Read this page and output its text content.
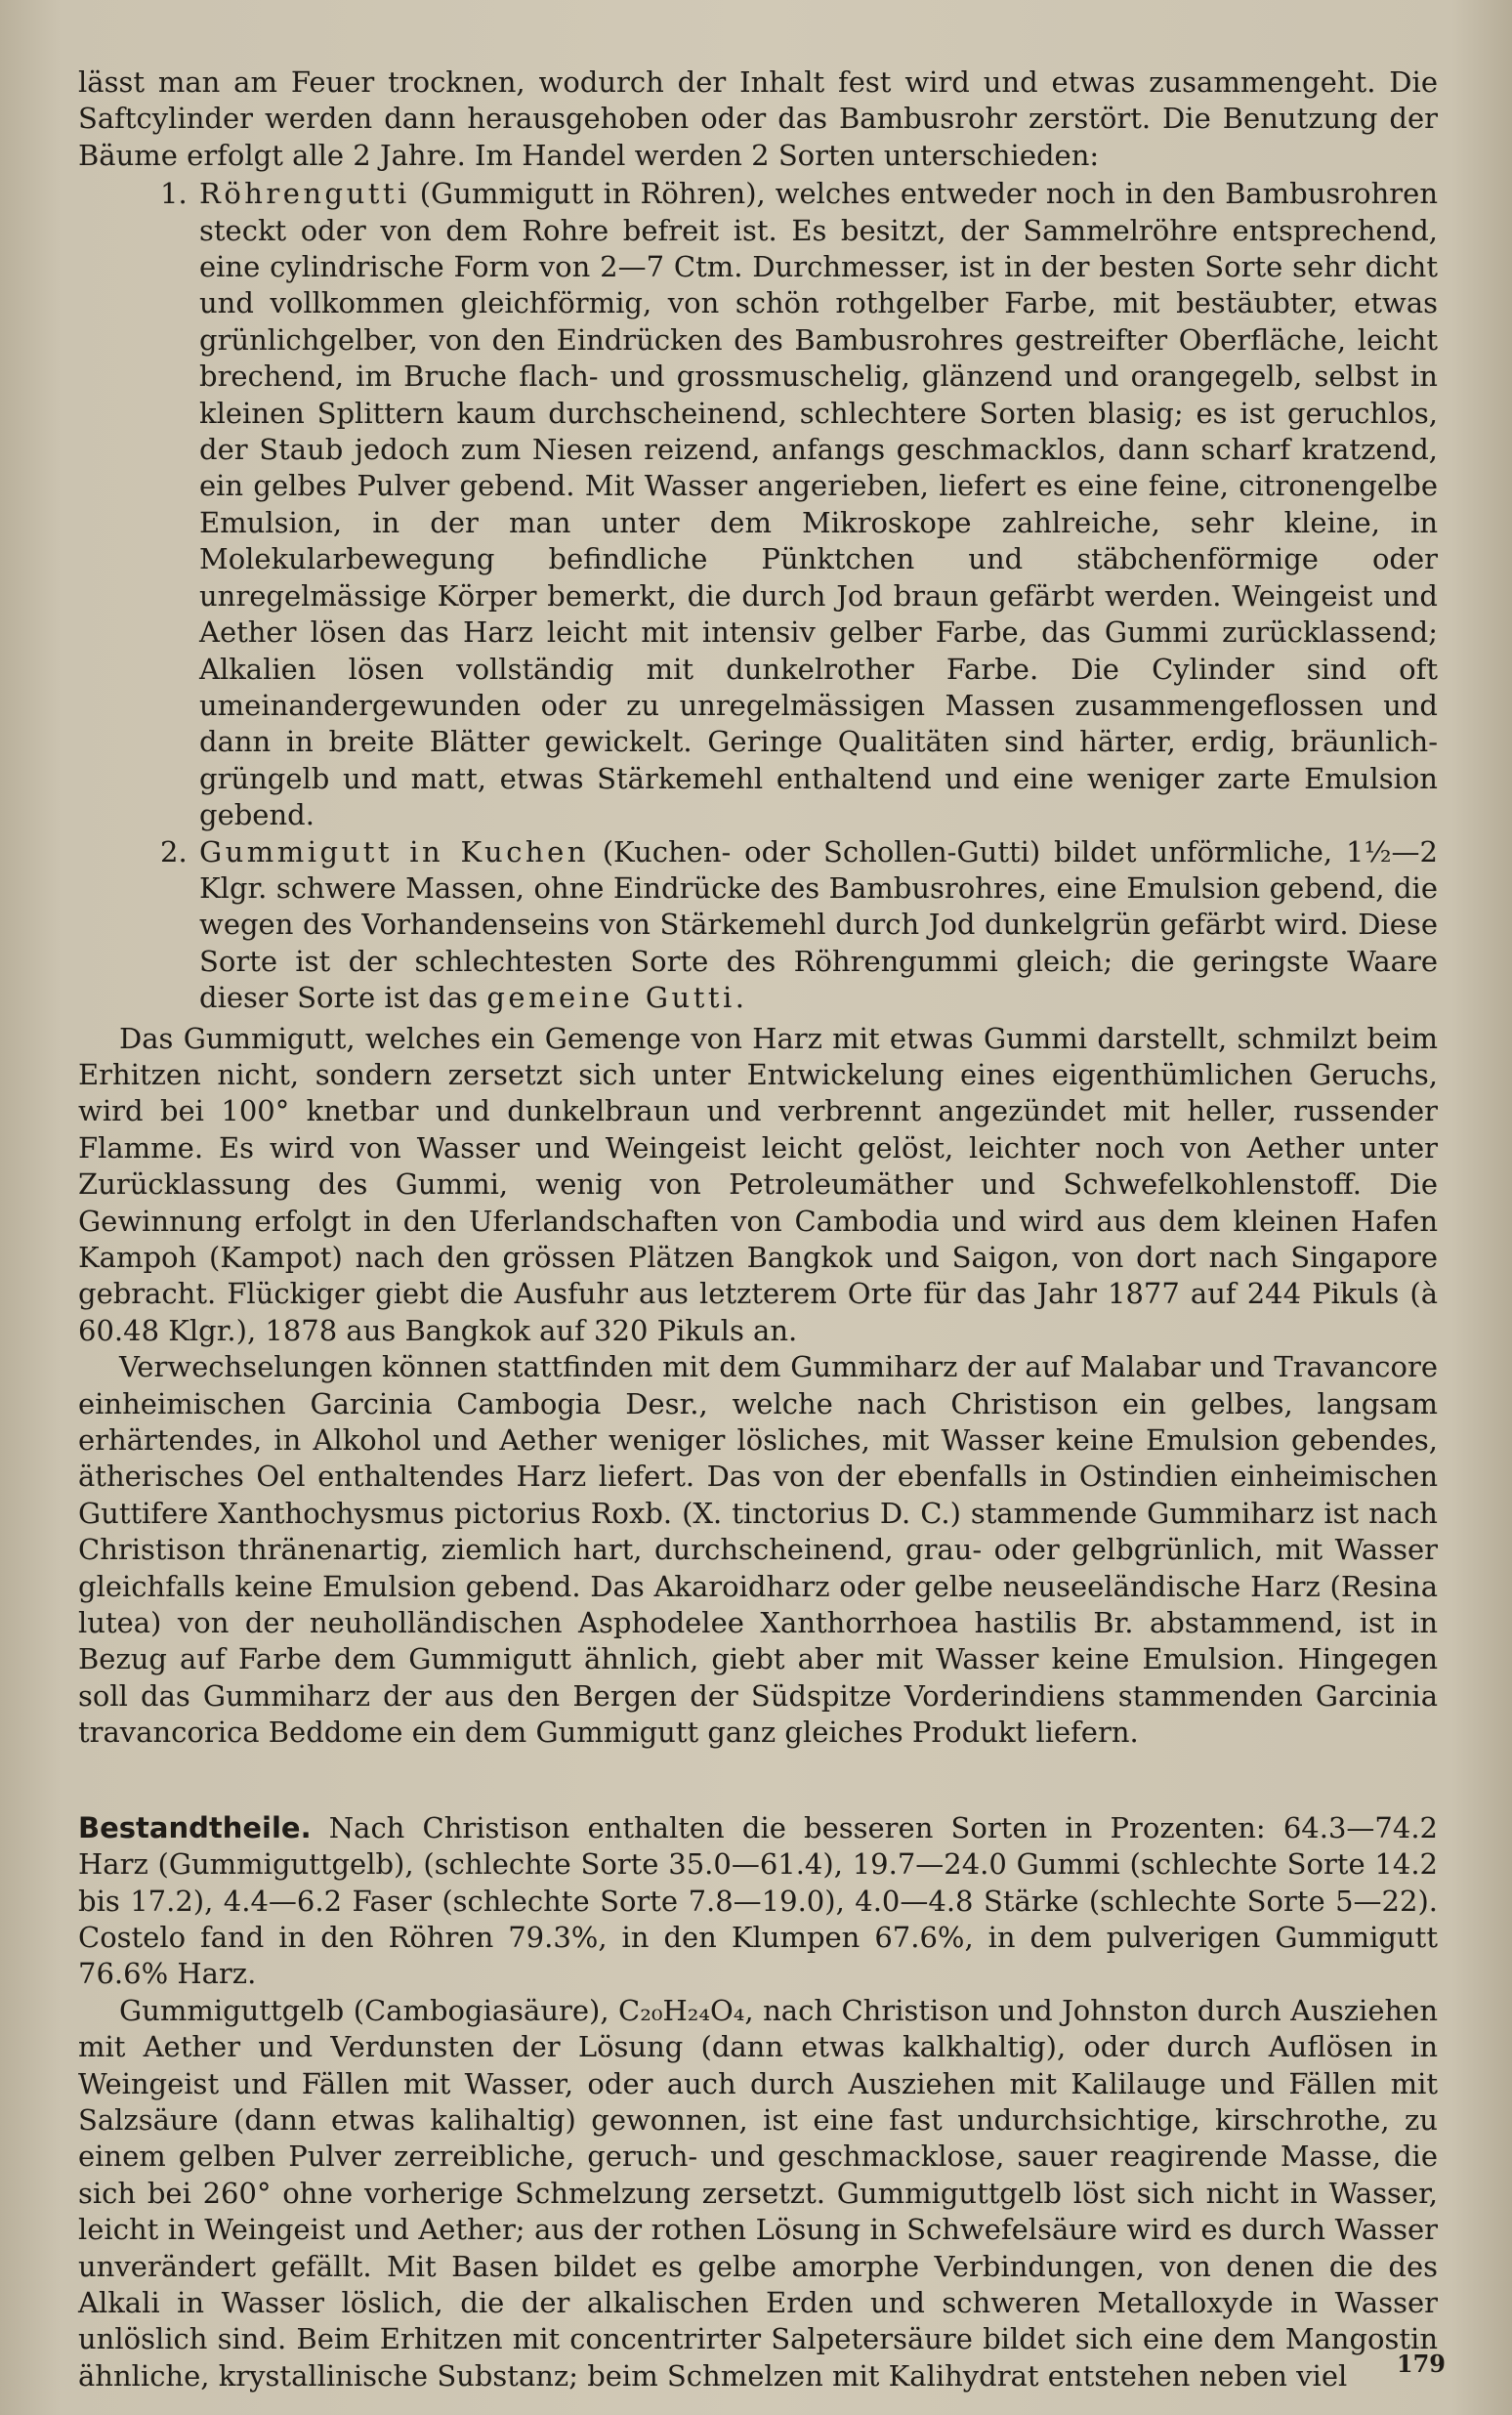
lässt man am Feuer trocknen, wodurch der Inhalt fest wird und etwas zusammengeht. Die Saftcylinder werden dann herausgehoben oder das Bambusrohr zerstört. Die Benutzung der Bäume erfolgt alle 2 Jahre. Im Handel werden 2 Sorten unterschieden:

1. Röhrengutti (Gummigutt in Röhren), welches entweder noch in den Bambusrohren steckt oder von dem Rohre befreit ist. Es besitzt, der Sammelröhre entsprechend, eine cylindrische Form von 2—7 Ctm. Durchmesser, ist in der besten Sorte sehr dicht und vollkommen gleichförmig, von schön rothgelber Farbe, mit bestäubter, etwas grünlichgelber, von den Eindrücken des Bambusrohres gestreifter Oberfläche, leicht brechend, im Bruche flach- und grossmuschelig, glänzend und orangegelb, selbst in kleinen Splittern kaum durchscheinend, schlechtere Sorten blasig; es ist geruchlos, der Staub jedoch zum Niesen reizend, anfangs geschmacklos, dann scharf kratzend, ein gelbes Pulver gebend. Mit Wasser angerieben, liefert es eine feine, citronengelbe Emulsion, in der man unter dem Mikroskope zahlreiche, sehr kleine, in Molekularbewegung befindliche Pünktchen und stäbchenförmige oder unregelmässige Körper bemerkt, die durch Jod braun gefärbt werden. Weingeist und Aether lösen das Harz leicht mit intensiv gelber Farbe, das Gummi zurücklassend; Alkalien lösen vollständig mit dunkelrother Farbe. Die Cylinder sind oft umeinandergewunden oder zu unregelmässigen Massen zusammengeflossen und dann in breite Blätter gewickelt. Geringe Qualitäten sind härter, erdig, bräunlich-grüngelb und matt, etwas Stärkemehl enthaltend und eine weniger zarte Emulsion gebend.
2. Gummigutt in Kuchen (Kuchen- oder Schollen-Gutti) bildet unförmliche, 1½—2 Klgr. schwere Massen, ohne Eindrücke des Bambusrohres, eine Emulsion gebend, die wegen des Vorhandenseins von Stärkemehl durch Jod dunkelgrün gefärbt wird. Diese Sorte ist der schlechtesten Sorte des Röhrengummi gleich; die geringste Waare dieser Sorte ist das gemeine Gutti.

Das Gummigutt, welches ein Gemenge von Harz mit etwas Gummi darstellt, schmilzt beim Erhitzen nicht, sondern zersetzt sich unter Entwickelung eines eigenthümlichen Geruchs, wird bei 100° knetbar und dunkelbraun und verbrennt angezündet mit heller, russender Flamme. Es wird von Wasser und Weingeist leicht gelöst, leichter noch von Aether unter Zurücklassung des Gummi, wenig von Petroleumäther und Schwefelkohlenstoff. Die Gewinnung erfolgt in den Uferlandschaften von Cambodia und wird aus dem kleinen Hafen Kampoh (Kampot) nach den grössen Plätzen Bangkok und Saigon, von dort nach Singapore gebracht. Flückiger giebt die Ausfuhr aus letzterem Orte für das Jahr 1877 auf 244 Pikuls (à 60.48 Klgr.), 1878 aus Bangkok auf 320 Pikuls an.

Verwechselungen können stattfinden mit dem Gummiharz der auf Malabar und Travancore einheimischen Garcinia Cambogia Desr., welche nach Christison ein gelbes, langsam erhärtendes, in Alkohol und Aether weniger lösliches, mit Wasser keine Emulsion gebendes, ätherisches Oel enthaltendes Harz liefert. Das von der ebenfalls in Ostindien einheimischen Guttifere Xanthochysmus pictorius Roxb. (X. tinctorius D. C.) stammende Gummiharz ist nach Christison thränenartig, ziemlich hart, durchscheinend, grau- oder gelbgrünlich, mit Wasser gleichfalls keine Emulsion gebend. Das Akaroidharz oder gelbe neuseeländische Harz (Resina lutea) von der neuholländischen Asphodelee Xanthorrhoea hastilis Br. abstammend, ist in Bezug auf Farbe dem Gummigutt ähnlich, giebt aber mit Wasser keine Emulsion. Hingegen soll das Gummiharz der aus den Bergen der Südspitze Vorderindiens stammenden Garcinia travancorica Beddome ein dem Gummigutt ganz gleiches Produkt liefern.

Bestandtheile. Nach Christison enthalten die besseren Sorten in Prozenten: 64.3—74.2 Harz (Gummiguttgelb), (schlechte Sorte 35.0—61.4), 19.7—24.0 Gummi (schlechte Sorte 14.2 bis 17.2), 4.4—6.2 Faser (schlechte Sorte 7.8—19.0), 4.0—4.8 Stärke (schlechte Sorte 5—22). Costelo fand in den Röhren 79.3%, in den Klumpen 67.6%, in dem pulverigen Gummigutt 76.6% Harz.

Gummiguttgelb (Cambogiasäure), C₂₀H₂₄O₄, nach Christison und Johnston durch Ausziehen mit Aether und Verdunsten der Lösung (dann etwas kalkhaltig), oder durch Auflösen in Weingeist und Fällen mit Wasser, oder auch durch Ausziehen mit Kalilauge und Fällen mit Salzsäure (dann etwas kalihaltig) gewonnen, ist eine fast undurchsichtige, kirschrothe, zu einem gelben Pulver zerreibliche, geruch- und geschmacklose, sauer reagirende Masse, die sich bei 260° ohne vorherige Schmelzung zersetzt. Gummiguttgelb löst sich nicht in Wasser, leicht in Weingeist und Aether; aus der rothen Lösung in Schwefelsäure wird es durch Wasser unverändert gefällt. Mit Basen bildet es gelbe amorphe Verbindungen, von denen die des Alkali in Wasser löslich, die der alkalischen Erden und schweren Metalloxyde in Wasser unlöslich sind. Beim Erhitzen mit concentrirter Salpetersäure bildet sich eine dem Mangostin ähnliche, krystallinische Substanz; beim Schmelzen mit Kalihydrat entstehen neben viel	179
